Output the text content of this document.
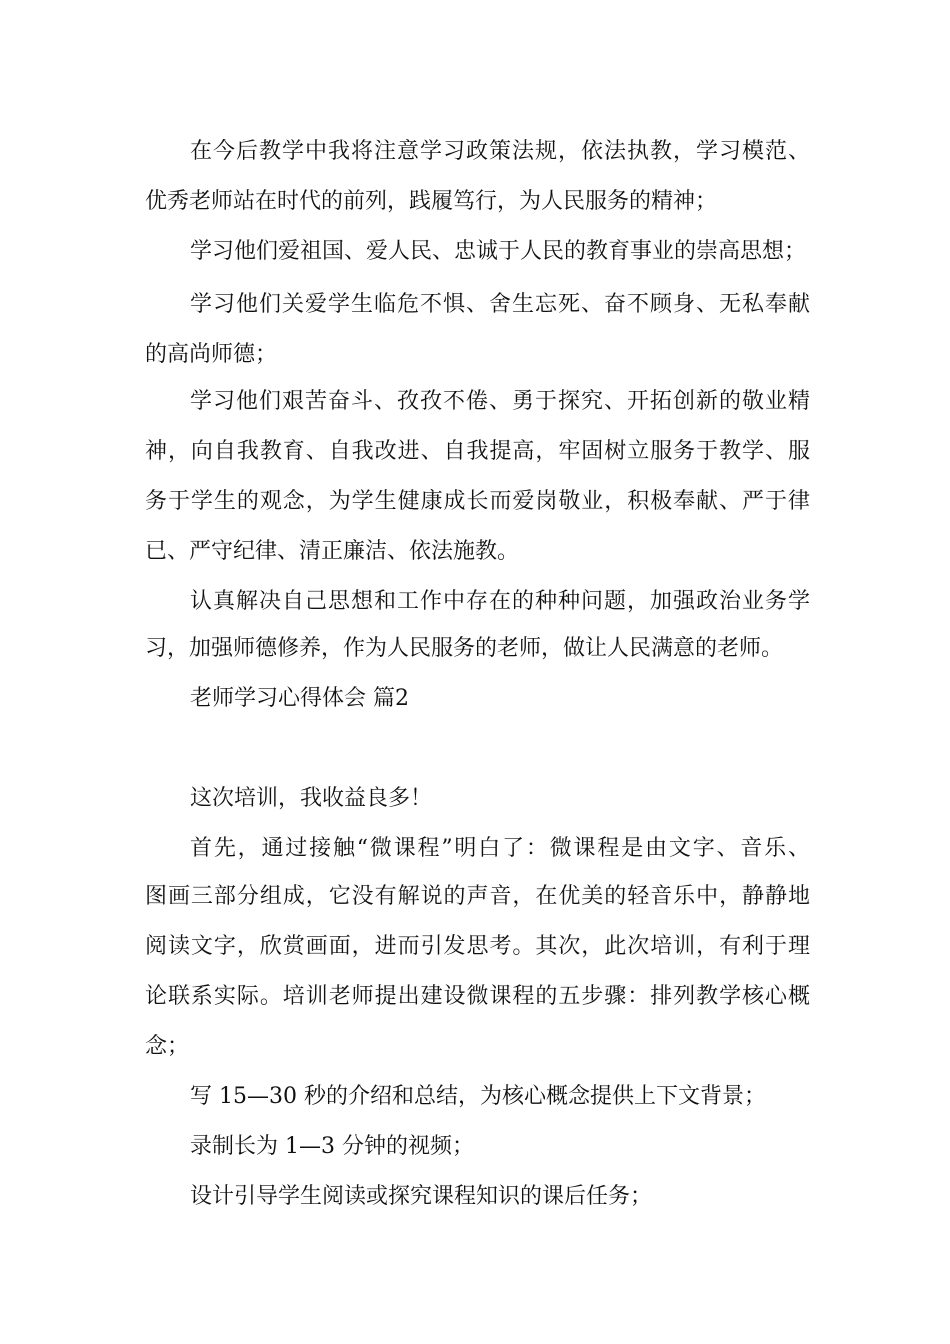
在今后教学中我将注意学习政策法规，依法执教，学习模范、
优秀老师站在时代的前列，践履笃行，为人民服务的精神；
学习他们爱祖国、爱人民、忠诚于人民的教育事业的崇高思想；
学习他们关爱学生临危不惧、舍生忘死、奋不顾身、无私奉献
的高尚师德；
学习他们艰苦奋斗、孜孜不倦、勇于探究、开拓创新的敬业精
神，向自我教育、自我改进、自我提高，牢固树立服务于教学、服
务于学生的观念，为学生健康成长而爱岗敬业，积极奉献、严于律
已、严守纪律、清正廉洁、依法施教。
认真解决自己思想和工作中存在的种种问题，加强政治业务学
习，加强师德修养，作为人民服务的老师，做让人民满意的老师。
老师学习心得体会 篇2
这次培训，我收益良多！
首先，通过接触“微课程”明白了：微课程是由文字、音乐、
图画三部分组成，它没有解说的声音，在优美的轻音乐中，静静地
阅读文字，欣赏画面，进而引发思考。其次，此次培训，有利于理
论联系实际。培训老师提出建设微课程的五步骤：排列教学核心概
念；
写 15—30 秒的介绍和总结，为核心概念提供上下文背景；
录制长为 1—3 分钟的视频；
设计引导学生阅读或探究课程知识的课后任务；
